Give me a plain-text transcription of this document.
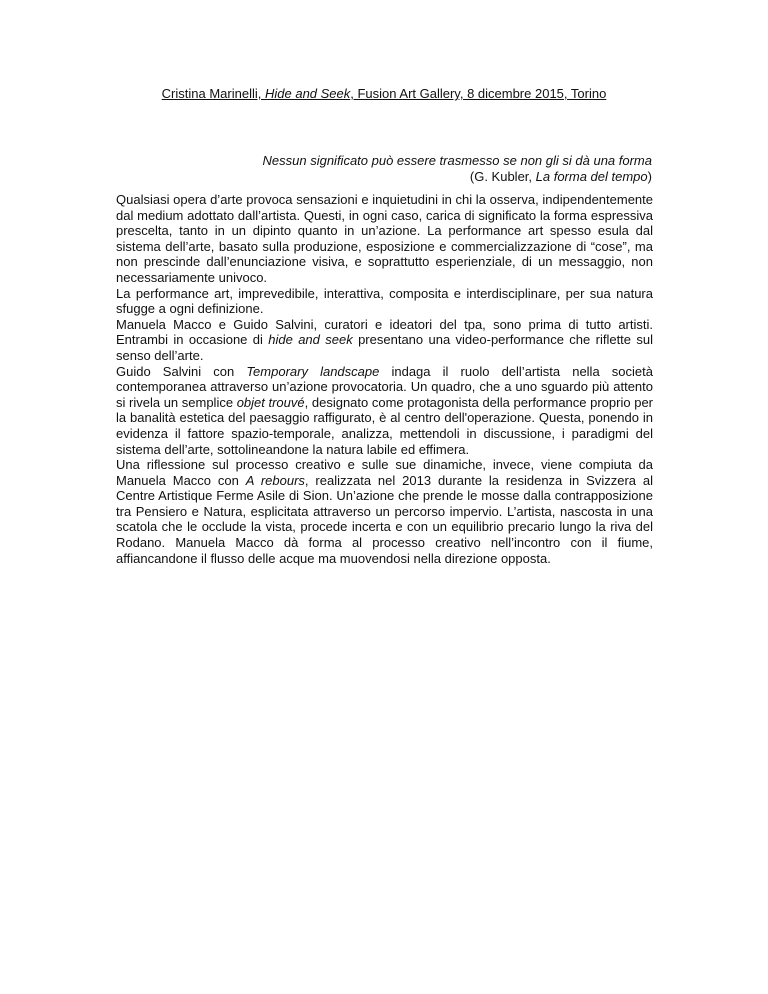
Cristina Marinelli, Hide and Seek, Fusion Art Gallery, 8 dicembre 2015, Torino
Nessun significato può essere trasmesso se non gli si dà una forma
(G. Kubler, La forma del tempo)

Qualsiasi opera d’arte provoca sensazioni e inquietudini in chi la osserva, indipendentemente dal medium adottato dall’artista. Questi, in ogni caso, carica di significato la forma espressiva prescelta, tanto in un dipinto quanto in un’azione. La performance art spesso esula dal sistema dell’arte, basato sulla produzione, esposizione e commercializzazione di “cose”, ma non prescinde dall’enunciazione visiva, e soprattutto esperienziale, di un messaggio, non necessariamente univoco.

La performance art, imprevedibile, interattiva, composita e interdisciplinare, per sua natura sfugge a ogni definizione.

Manuela Macco e Guido Salvini, curatori e ideatori del tpa, sono prima di tutto artisti. Entrambi in occasione di hide and seek presentano una video-performance che riflette sul senso dell’arte.

Guido Salvini con Temporary landscape indaga il ruolo dell’artista nella società contemporanea attraverso un’azione provocatoria. Un quadro, che a uno sguardo più attento si rivela un semplice objet trouvé, designato come protagonista della performance proprio per la banalità estetica del paesaggio raffigurato, è al centro dell'operazione. Questa, ponendo in evidenza il fattore spazio-temporale, analizza, mettendoli in discussione, i paradigmi del sistema dell’arte, sottolineandone la natura labile ed effimera.

Una riflessione sul processo creativo e sulle sue dinamiche, invece, viene compiuta da Manuela Macco con A rebours, realizzata nel 2013 durante la residenza in Svizzera al Centre Artistique Ferme Asile di Sion. Un’azione che prende le mosse dalla contrapposizione tra Pensiero e Natura, esplicitata attraverso un percorso impervio. L’artista, nascosta in una scatola che le occlude la vista, procede incerta e con un equilibrio precario lungo la riva del Rodano. Manuela Macco dà forma al processo creativo nell’incontro con il fiume, affiancandone il flusso delle acque ma muovendosi nella direzione opposta.
